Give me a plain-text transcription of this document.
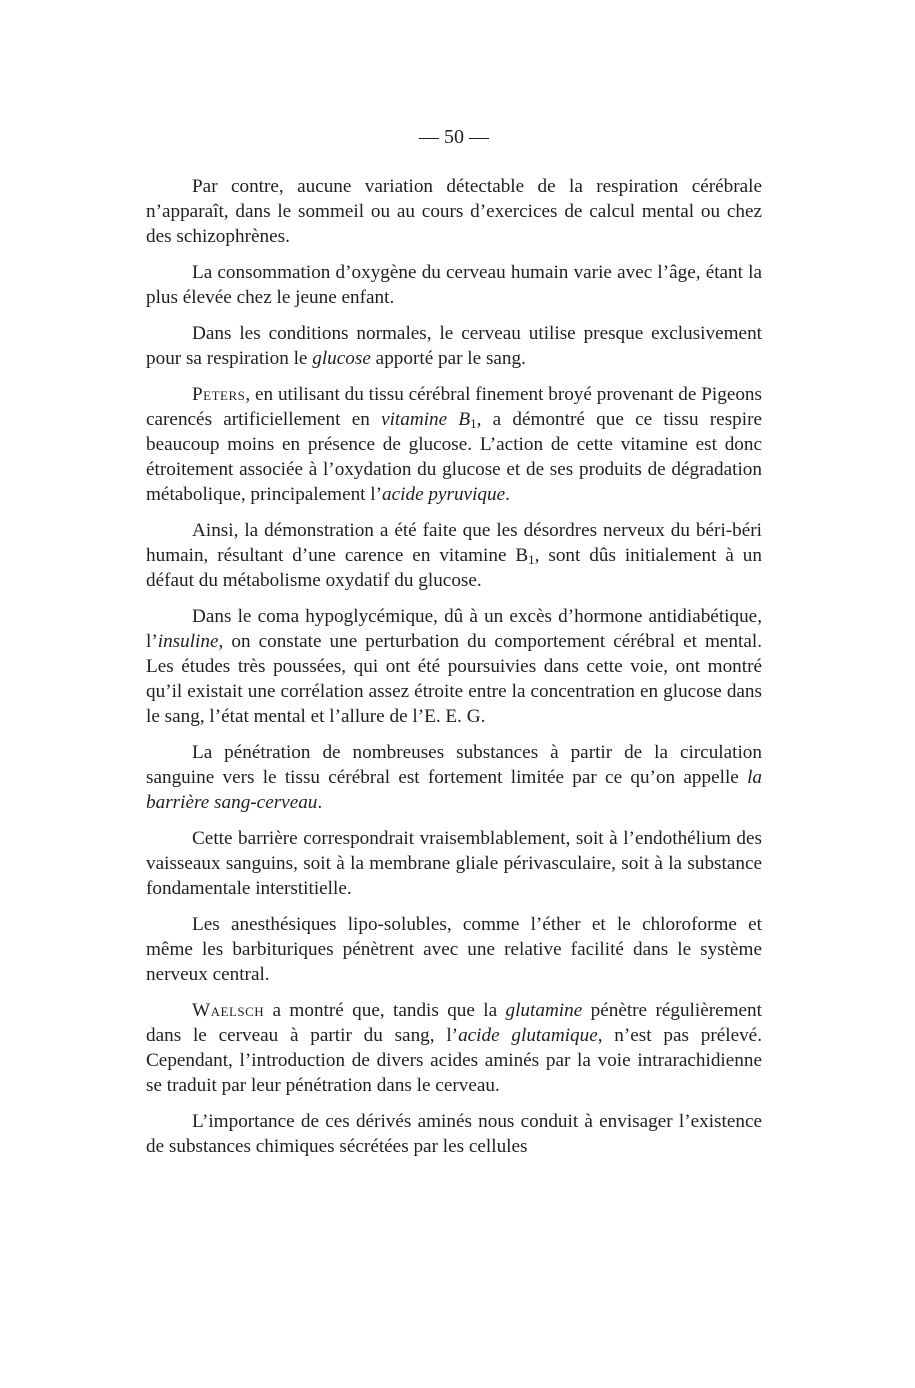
— 50 —

Par contre, aucune variation détectable de la respiration cérébrale n’apparaît, dans le sommeil ou au cours d’exercices de calcul mental ou chez des schizophrènes.

La consommation d’oxygène du cerveau humain varie avec l’âge, étant la plus élevée chez le jeune enfant.

Dans les conditions normales, le cerveau utilise presque exclusivement pour sa respiration le glucose apporté par le sang.

Peters, en utilisant du tissu cérébral finement broyé provenant de Pigeons carencés artificiellement en vitamine $B_1$, a démontré que ce tissu respire beaucoup moins en présence de glucose. L’action de cette vitamine est donc étroitement associée à l’oxydation du glucose et de ses produits de dégradation métabolique, principalement l’acide pyruvique.

Ainsi, la démonstration a été faite que les désordres nerveux du béri-béri humain, résultant d’une carence en vitamine $B_1$, sont dûs initialement à un défaut du métabolisme oxydatif du glucose.

Dans le coma hypoglycémique, dû à un excès d’hormone antidiabétique, l’insuline, on constate une perturbation du comportement cérébral et mental. Les études très poussées, qui ont été poursuivies dans cette voie, ont montré qu’il existait une corrélation assez étroite entre la concentration en glucose dans le sang, l’état mental et l’allure de l’E. E. G.

La pénétration de nombreuses substances à partir de la circulation sanguine vers le tissu cérébral est fortement limitée par ce qu’on appelle la barrière sang-cerveau.

Cette barrière correspondrait vraisemblablement, soit à l’endothélium des vaisseaux sanguins, soit à la membrane gliale périvasculaire, soit à la substance fondamentale interstitielle.

Les anesthésiques lipo-solubles, comme l’éther et le chloroforme et même les barbituriques pénètrent avec une relative facilité dans le système nerveux central.

Waelsch a montré que, tandis que la glutamine pénètre régulièrement dans le cerveau à partir du sang, l’acide glutamique, n’est pas prélevé. Cependant, l’introduction de divers acides aminés par la voie intrarachidienne se traduit par leur pénétration dans le cerveau.

L’importance de ces dérivés aminés nous conduit à envisager l’existence de substances chimiques sécrétées par les cellules
